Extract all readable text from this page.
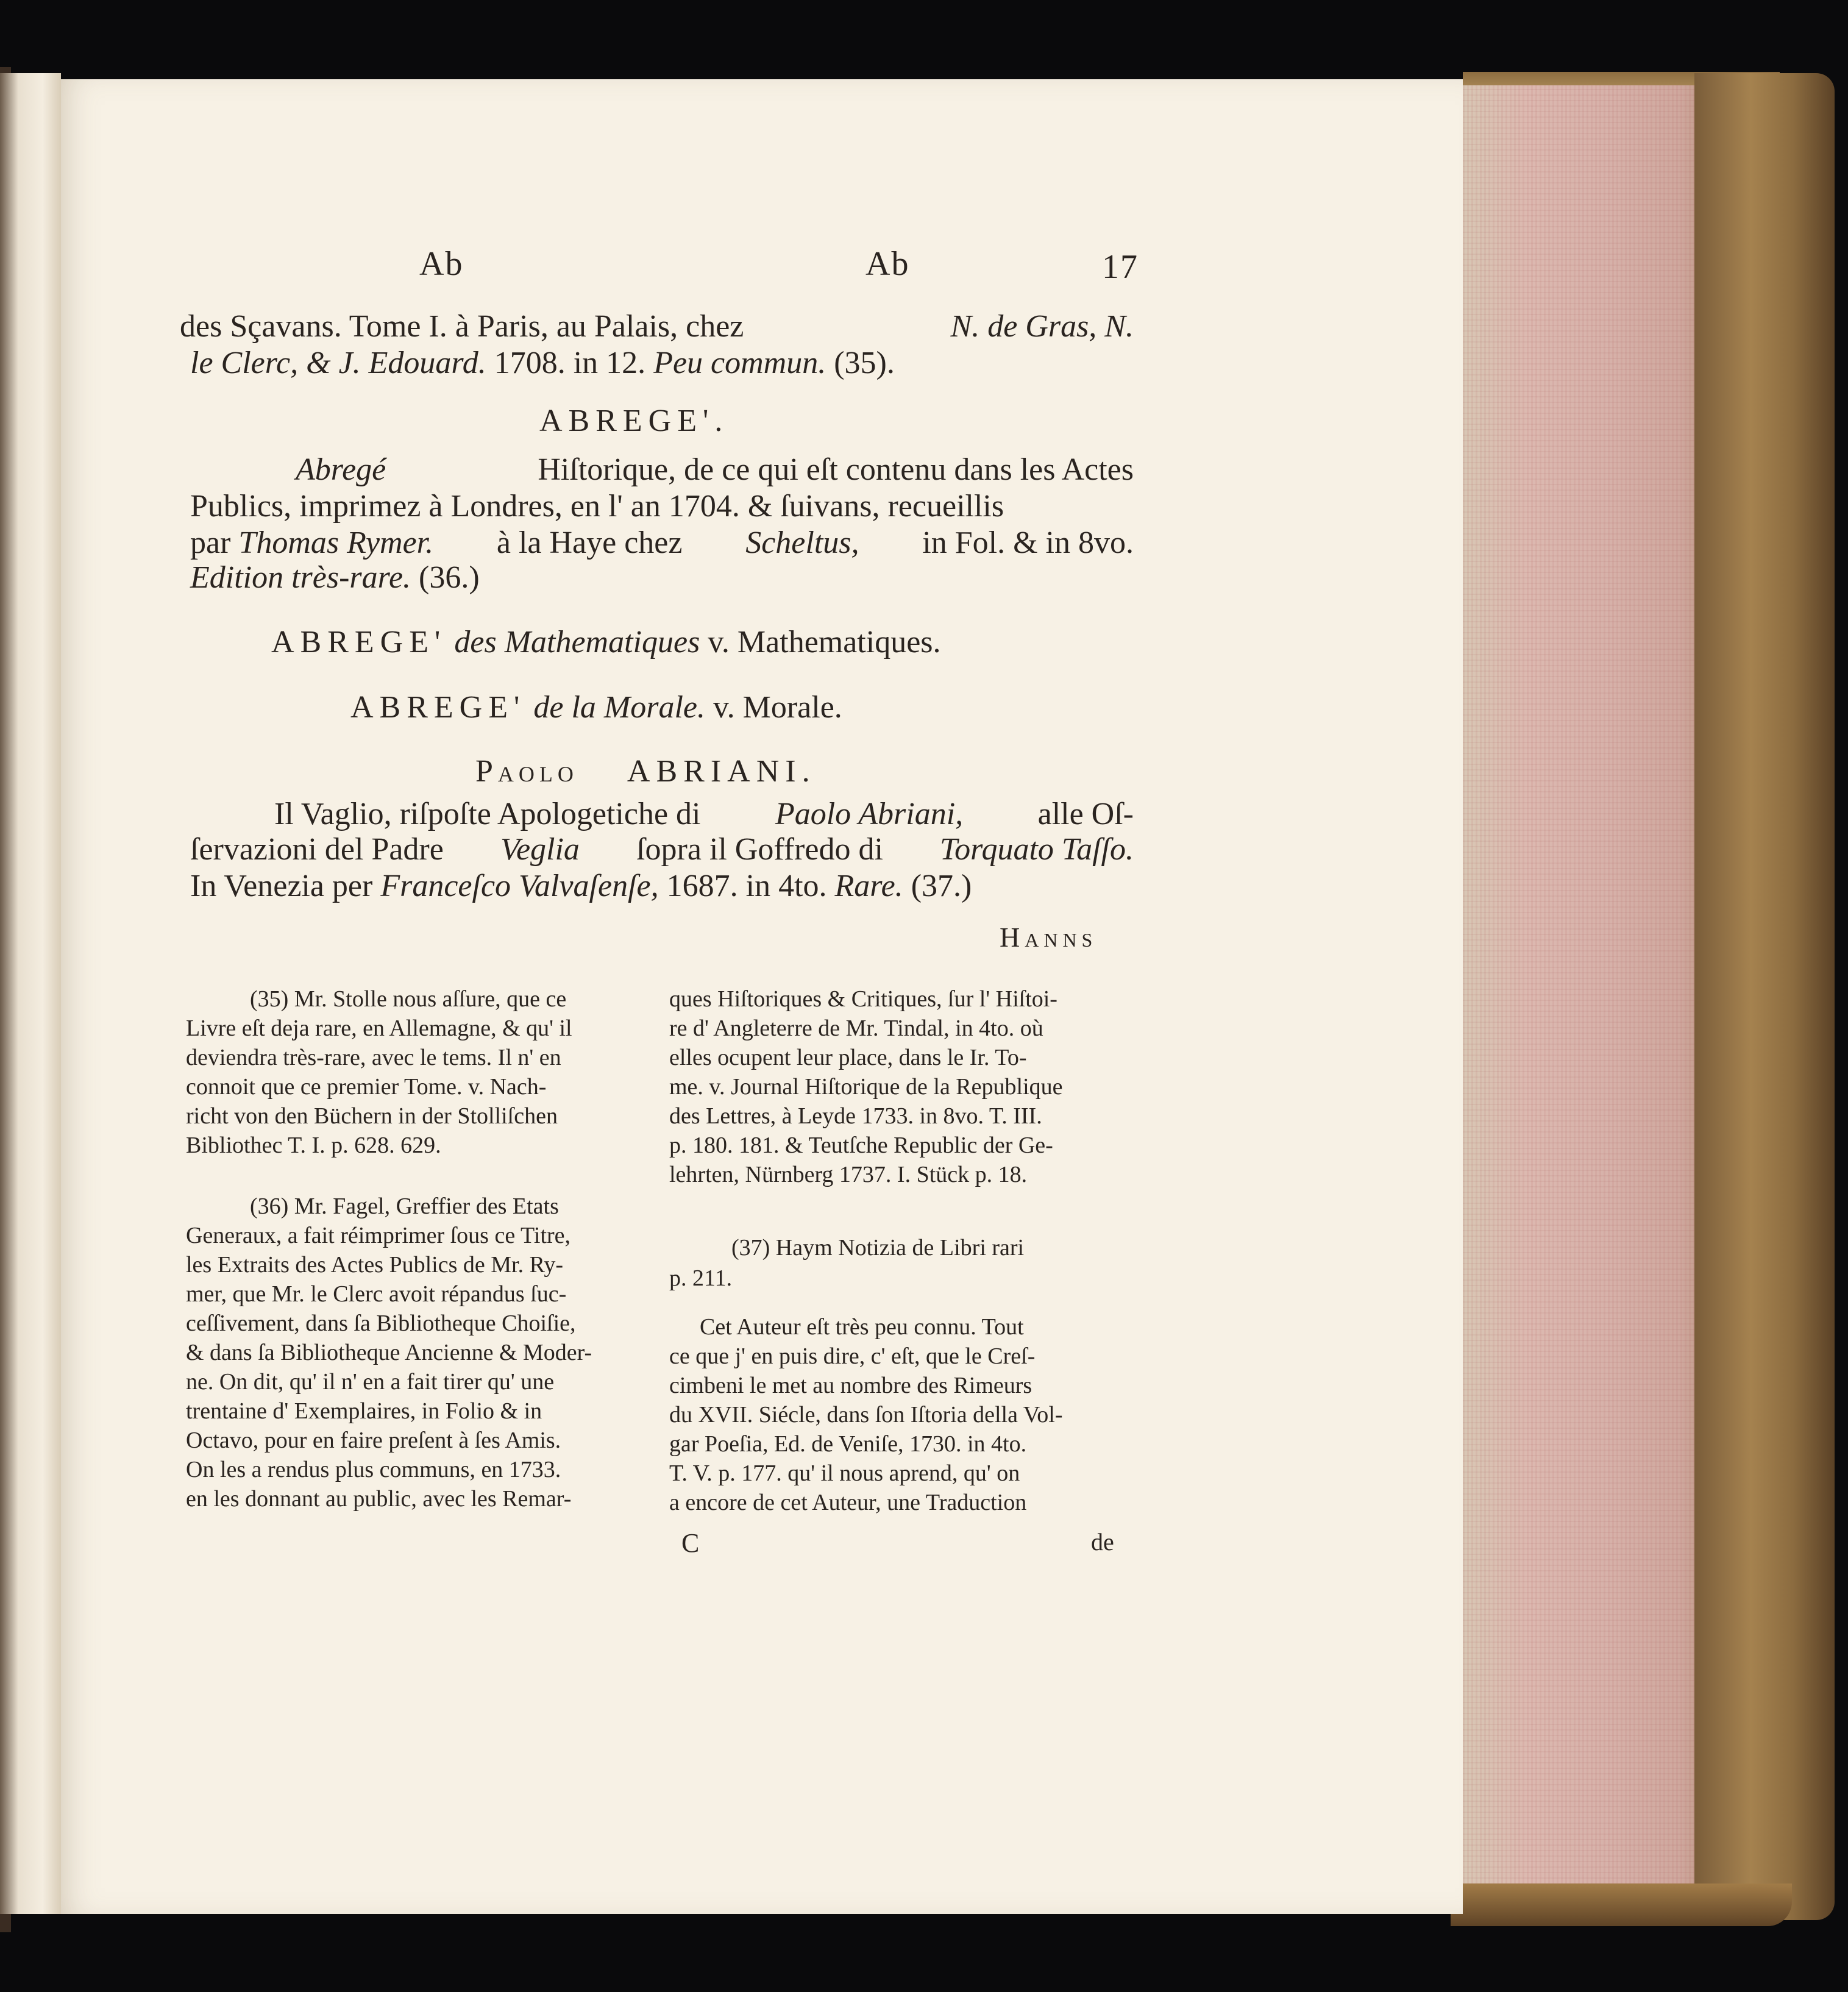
Ab	Ab	17
des Sçavans. Tome I. à Paris, au Palais, chez	N. de Gras, N.
le Clerc, & J. Edouard. 1708. in 12. Peu commun. (35).
ABREGE'.
Abregé	Hiſtorique, de ce qui eſt contenu dans les Actes
Publics, imprimez à Londres, en l' an 1704. & ſuivans, recueillis
par Thomas Rymer. à la Haye chez Scheltus, in Fol. & in 8vo.
Edition très-rare. (36.)
ABREGE' des Mathematiques v. Mathematiques.
ABREGE' de la Morale. v. Morale.
Paolo ABRIANI.
Il Vaglio, riſpoſte Apologetiche di Paolo Abriani, alle Oſ-
ſervazioni del Padre Veglia ſopra il Goffredo di Torquato Taſſo.
In Venezia per Franceſco Valvaſenſe, 1687. in 4to. Rare. (37.)
Hanns
(35) Mr. Stolle nous aſſure, que ce
Livre eſt deja rare, en Allemagne, & qu' il
deviendra très-rare, avec le tems. Il n' en
connoit que ce premier Tome. v. Nach-
richt von den Büchern in der Stolliſchen
Bibliothec T. I. p. 628. 629.
(36) Mr. Fagel, Greffier des Etats
Generaux, a fait réimprimer ſous ce Titre,
les Extraits des Actes Publics de Mr. Ry-
mer, que Mr. le Clerc avoit répandus ſuc-
ceſſivement, dans ſa Bibliotheque Choiſie,
& dans ſa Bibliotheque Ancienne & Moder-
ne. On dit, qu' il n' en a fait tirer qu' une
trentaine d' Exemplaires, in Folio & in
Octavo, pour en faire preſent à ſes Amis.
On les a rendus plus communs, en 1733.
en les donnant au public, avec les Remar-
ques Hiſtoriques & Critiques, ſur l' Hiſtoi-
re d' Angleterre de Mr. Tindal, in 4to. où
elles ocupent leur place, dans le Ir. To-
me. v. Journal Hiſtorique de la Republique
des Lettres, à Leyde 1733. in 8vo. T. III.
p. 180. 181. & Teutſche Republic der Ge-
lehrten, Nürnberg 1737. I. Stück p. 18.
(37) Haym Notizia de Libri rari
p. 211.
Cet Auteur eſt très peu connu. Tout
ce que j' en puis dire, c' eſt, que le Creſ-
cimbeni le met au nombre des Rimeurs
du XVII. Siécle, dans ſon Iſtoria della Vol-
gar Poeſia, Ed. de Veniſe, 1730. in 4to.
T. V. p. 177. qu' il nous aprend, qu' on
a encore de cet Auteur, une Traduction
C	de
